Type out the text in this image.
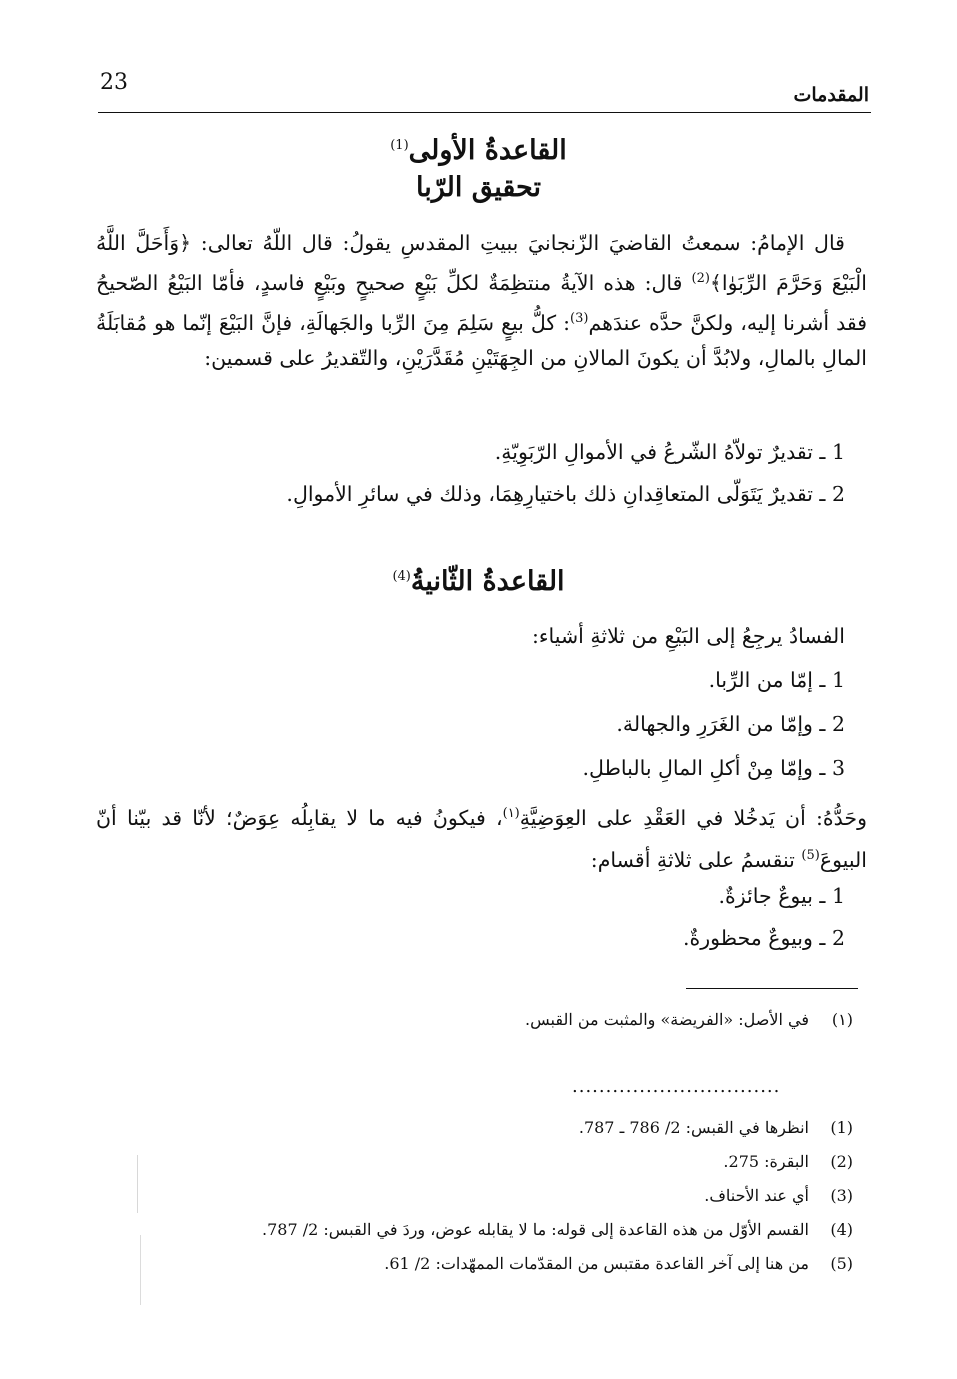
23	المقدمات
القاعدةُ الأولى$^{(1)}$
تحقيق الرّبا
قال الإمامُ: سمعتُ القاضيَ الزّنجانيَ ببيتِ المقدسِ يقولُ: قال اللّهُ تعالى: ﴿وَأَحَلَّ اللَّهُ الْبَيْعَ وَحَرَّمَ الرِّبَوٰا﴾$^{(2)}$ قال: هذه الآيةُ منتظِمَةٌ لكلِّ بَيْعٍ صحيحٍ وبَيْعٍ فاسدٍ، فأمّا البَيْعُ الصّحيحُ فقد أشرنا إليه، ولكنَّ حدَّه عندَهم$^{(3)}$: كلُّ بيعٍ سَلِمَ مِنَ الرِّبا والجَهالَةِ، فإنَّ البَيْعَ إنّما هو مُقابَلَةُ المالِ بالمالِ، ولابُدَّ أن يكونَ المالانِ من الجِهَتَيْنِ مُقَدَّرَيْنِ، والتّقديرُ على قسمين:
1 ـ تقديرٌ تولاّهُ الشّرعُ في الأموالِ الرّبَوِيّةِ.
2 ـ تقديرٌ يَتَوَلّى المتعاقِدانِ ذلك باختيارِهِمَا، وذلك في سائرِ الأموالِ.
القاعدةُ الثّانيةُ$^{(4)}$
الفسادُ يرجِعُ إلى البَيْعِ من ثلاثةِ أشياء:
1 ـ إمّا من الرِّبا.
2 ـ وإمّا من الغَرَرِ والجهالة.
3 ـ وإمّا مِنْ أكلِ المالِ بالباطلِ.
وحَدُّهُ: أن يَدخُلا في العَقْدِ على العِوَضِيَّةِ$^{(١)}$، فيكونُ فيه ما لا يقابِلُه عِوَضٌ؛ لأنّا قد بيّنا أنّ البيوعَ$^{(5)}$ تنقسمُ على ثلاثةِ أقسام:
1 ـ بيوعٌ جائزةٌ.
2 ـ وبيوعٌ محظورةٌ.
(١)في الأصل: «الفريضة» والمثبت من القبس.
...............................
(1)انظرها في القبس: 2/ 786 ـ 787.
(2)البقرة: 275.
(3)أي عند الأحناف.
(4)القسم الأوّل من هذه القاعدة إلى قوله: ما لا يقابله عوض، وردَ في القبس: 2/ 787.
(5)من هنا إلى آخر القاعدة مقتبس من المقدّمات الممهّدات: 2/ 61.
